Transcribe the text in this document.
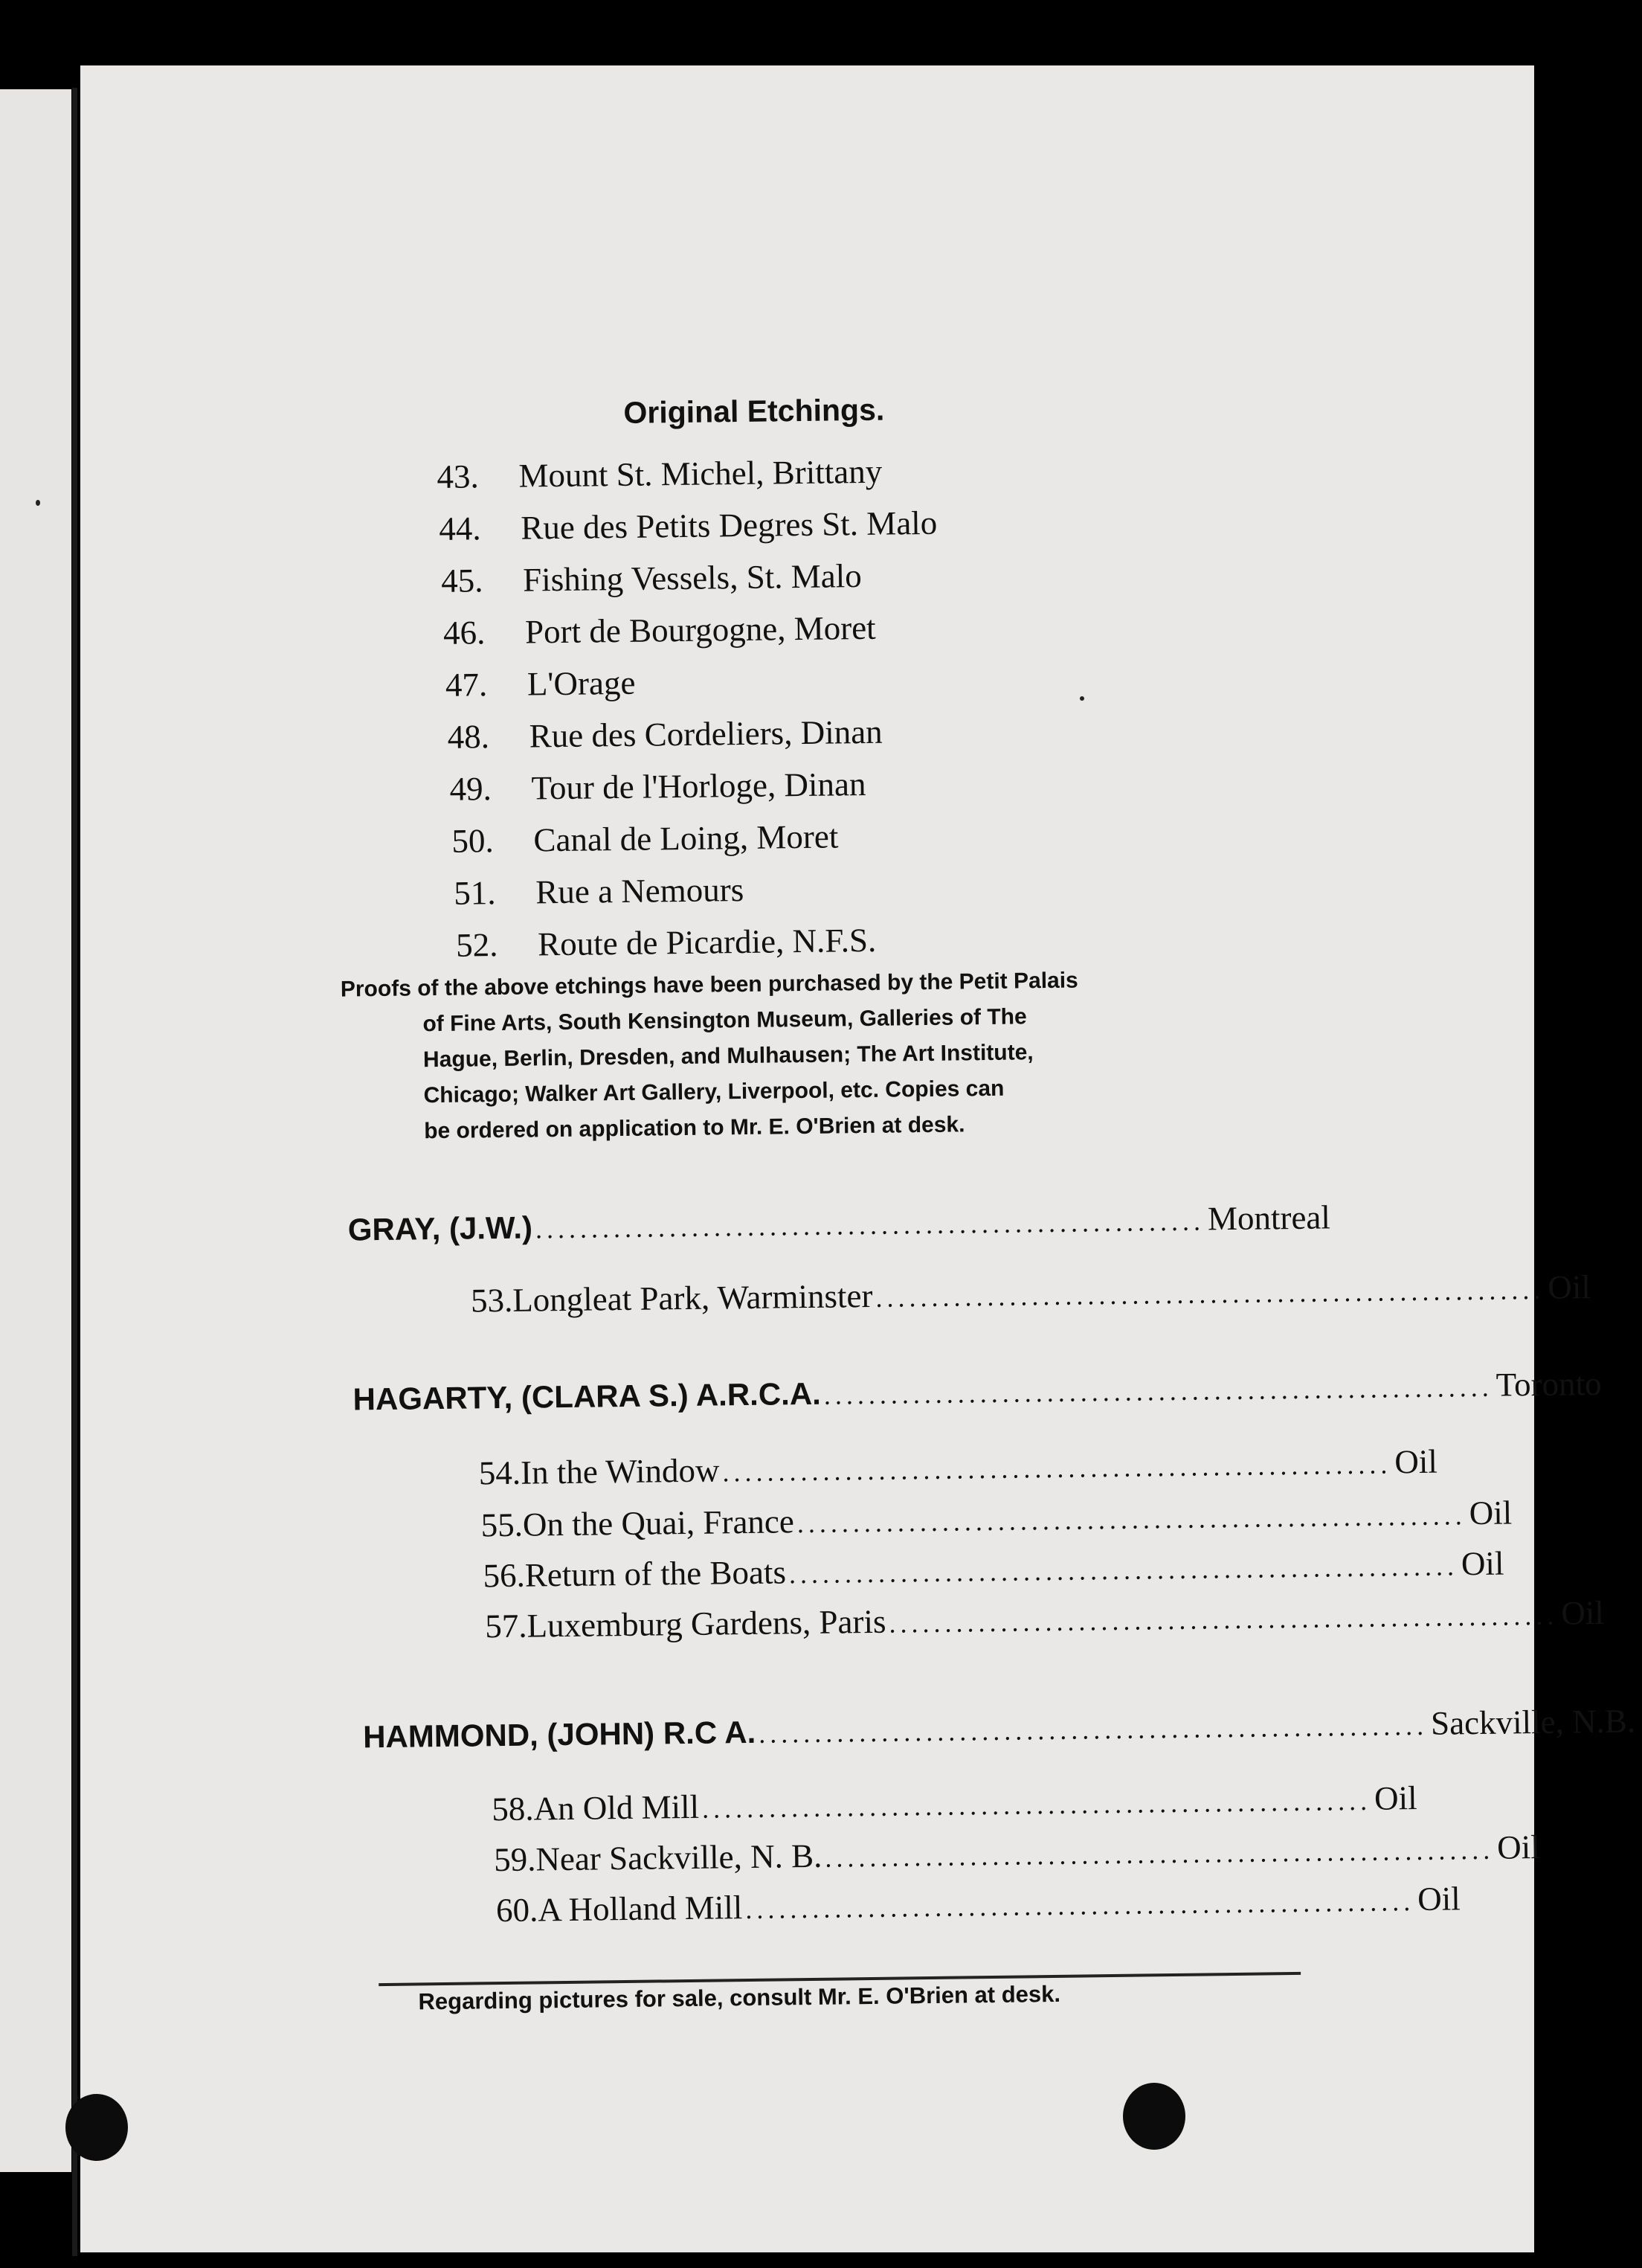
Original Etchings.
43. Mount St. Michel, Brittany
44. Rue des Petits Degres St. Malo
45. Fishing Vessels, St. Malo
46. Port de Bourgogne, Moret
47. L'Orage
48. Rue des Cordeliers, Dinan
49. Tour de l'Horloge, Dinan
50. Canal de Loing, Moret
51. Rue a Nemours
52. Route de Picardie, N.F.S.

Proofs of the above etchings have been purchased by the Petit Palais

of Fine Arts, South Kensington Museum, Galleries of The

Hague, Berlin, Dresden, and Mulhausen; The Art Institute,

Chicago; Walker Art Gallery, Liverpool, etc. Copies can

be ordered on application to Mr. E. O'Brien at desk.

GRAY, (J.W.) ............................................................ Montreal
53. Longleat Park, Warminster ............................................................ Oil
HAGARTY, (CLARA S.) A.R.C.A. ............................................................ Toronto
54. In the Window ............................................................ Oil
55. On the Quai, France ............................................................ Oil
56. Return of the Boats ............................................................ Oil
57. Luxemburg Gardens, Paris ............................................................ Oil
HAMMOND, (JOHN) R.C A. ............................................................ Sackville, N.B.
58. An Old Mill ............................................................ Oil
59. Near Sackville, N. B. ............................................................ Oil
60. A Holland Mill ............................................................ Oil
Regarding pictures for sale, consult Mr. E. O'Brien at desk.
